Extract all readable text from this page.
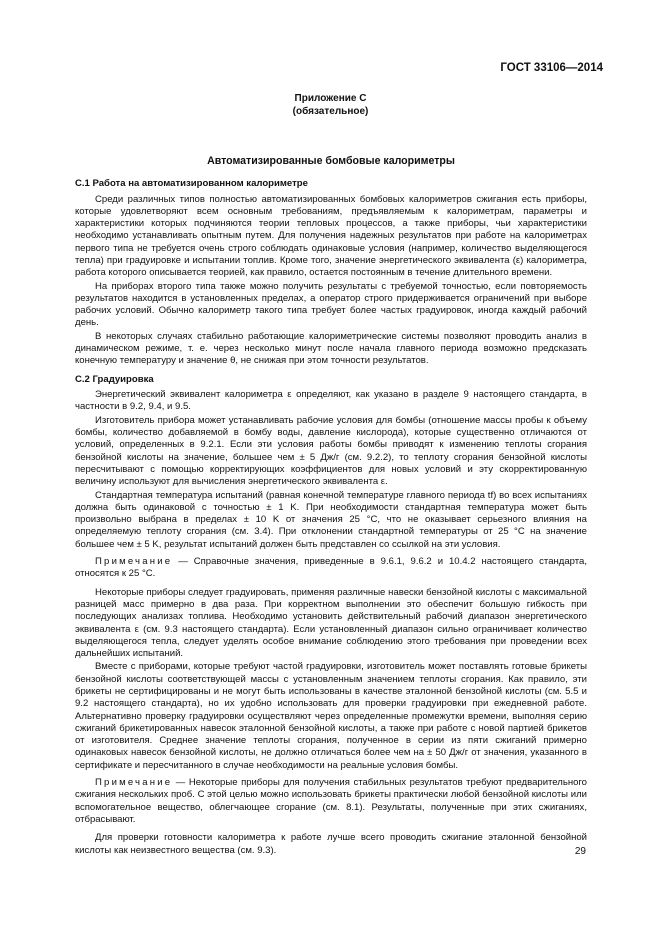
ГОСТ 33106—2014
Приложение С
(обязательное)
Автоматизированные бомбовые калориметры
С.1 Работа на автоматизированном калориметре

Среди различных типов полностью автоматизированных бомбовых калориметров сжигания есть приборы, которые удовлетворяют всем основным требованиям, предъявляемым к калориметрам, параметры и характеристики которых подчиняются теории тепловых процессов, а также приборы, чьи характеристики необходимо устанавливать опытным путем. Для получения надежных результатов при работе на калориметрах первого типа не требуется очень строго соблюдать одинаковые условия (например, количество выделяющегося тепла) при градуировке и испытании топлив. Кроме того, значение энергетического эквивалента (ε) калориметра, работа которого описывается теорией, как правило, остается постоянным в течение длительного времени.

На приборах второго типа также можно получить результаты с требуемой точностью, если повторяемость результатов находится в установленных пределах, а оператор строго придерживается ограничений при выборе рабочих условий. Обычно калориметр такого типа требует более частых градуировок, иногда каждый рабочий день.

В некоторых случаях стабильно работающие калориметрические системы позволяют проводить анализ в динамическом режиме, т. е. через несколько минут после начала главного периода возможно предсказать конечную температуру и значение θ, не снижая при этом точности результатов.

С.2 Градуировка

Энергетический эквивалент калориметра ε определяют, как указано в разделе 9 настоящего стандарта, в частности в 9.2, 9.4, и 9.5.

Изготовитель прибора может устанавливать рабочие условия для бомбы (отношение массы пробы к объему бомбы, количество добавляемой в бомбу воды, давление кислорода), которые существенно отличаются от условий, определенных в 9.2.1. Если эти условия работы бомбы приводят к изменению теплоты сгорания бензойной кислоты на значение, большее чем ± 5 Дж/г (см. 9.2.2), то теплоту сгорания бензойной кислоты пересчитывают с помощью корректирующих коэффициентов для новых условий и эту скорректированную величину используют для вычисления энергетического эквивалента ε.

Стандартная температура испытаний (равная конечной температуре главного периода tf) во всех испытаниях должна быть одинаковой с точностью ± 1 K. При необходимости стандартная температура может быть произвольно выбрана в пределах ± 10 K от значения 25 °С, что не оказывает серьезного влияния на определяемую теплоту сгорания (см. 3.4). При отклонении стандартной температуры от 25 °С на значение большее чем ± 5 K, результат испытаний должен быть представлен со ссылкой на эти условия.

Примечание — Справочные значения, приведенные в 9.6.1, 9.6.2 и 10.4.2 настоящего стандарта, относятся к 25 °С.

Некоторые приборы следует градуировать, применяя различные навески бензойной кислоты с максимальной разницей масс примерно в два раза. При корректном выполнении это обеспечит большую гибкость при последующих анализах топлива. Необходимо установить действительный рабочий диапазон энергетического эквивалента ε (см. 9.3 настоящего стандарта). Если установленный диапазон сильно ограничивает количество выделяющегося тепла, следует уделять особое внимание соблюдению этого требования при проведении всех дальнейших испытаний.

Вместе с приборами, которые требуют частой градуировки, изготовитель может поставлять готовые брикеты бензойной кислоты соответствующей массы с установленным значением теплоты сгорания. Как правило, эти брикеты не сертифицированы и не могут быть использованы в качестве эталонной бензойной кислоты (см. 5.5 и 9.2 настоящего стандарта), но их удобно использовать для проверки градуировки при ежедневной работе. Альтернативно проверку градуировки осуществляют через определенные промежутки времени, выполняя серию сжиганий брикетированных навесок эталонной бензойной кислоты, а также при работе с новой партией брикетов от изготовителя. Среднее значение теплоты сгорания, полученное в серии из пяти сжиганий примерно одинаковых навесок бензойной кислоты, не должно отличаться более чем на ± 50 Дж/г от значения, указанного в сертификате и пересчитанного в случае необходимости на реальные условия бомбы.

Примечание — Некоторые приборы для получения стабильных результатов требуют предварительного сжигания нескольких проб. С этой целью можно использовать брикеты практически любой бензойной кислоты или вспомогательное вещество, облегчающее сгорание (см. 8.1). Результаты, полученные при этих сжиганиях, отбрасывают.

Для проверки готовности калориметра к работе лучше всего проводить сжигание эталонной бензойной кислоты как неизвестного вещества (см. 9.3).	29
